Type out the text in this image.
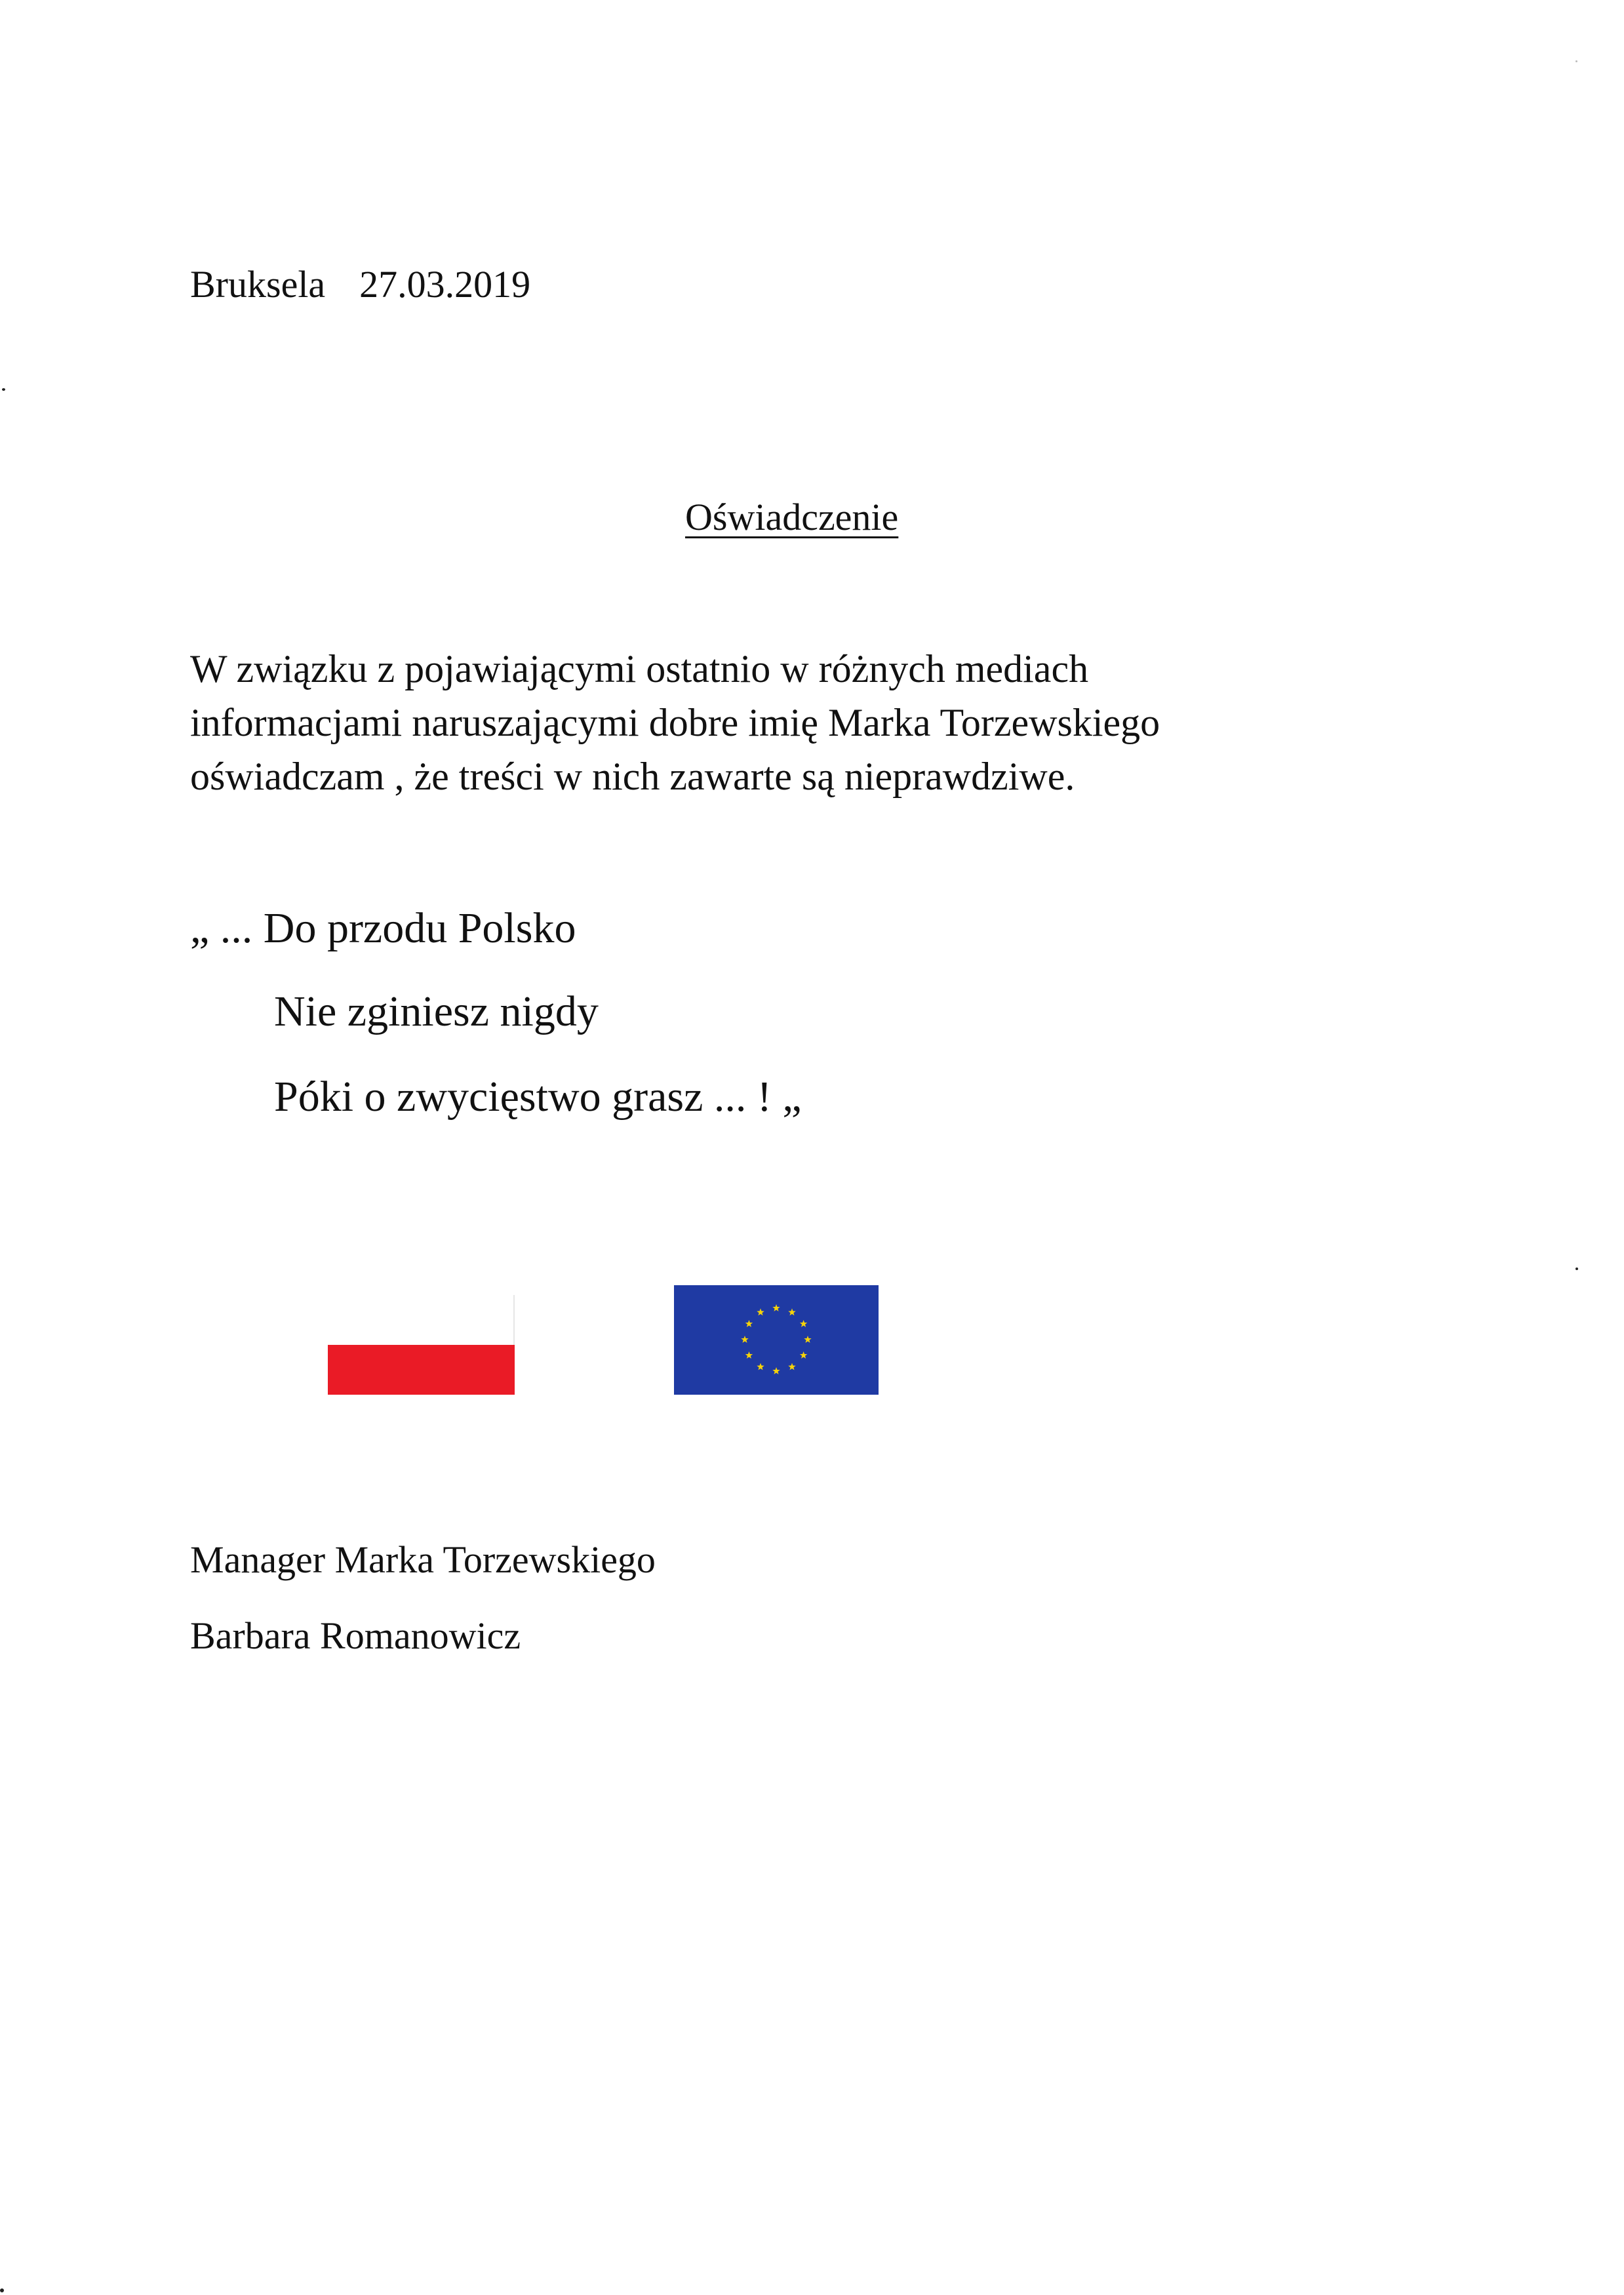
Bruksela 27.03.2019
Oświadczenie
W związku z pojawiającymi ostatnio w różnych mediach
informacjami naruszającymi dobre imię Marka Torzewskiego
oświadczam , że treści w nich zawarte są nieprawdziwe.
„ ... Do przodu Polsko
Nie zginiesz nigdy
Póki o zwycięstwo grasz ... ! „
Manager Marka Torzewskiego
Barbara Romanowicz
